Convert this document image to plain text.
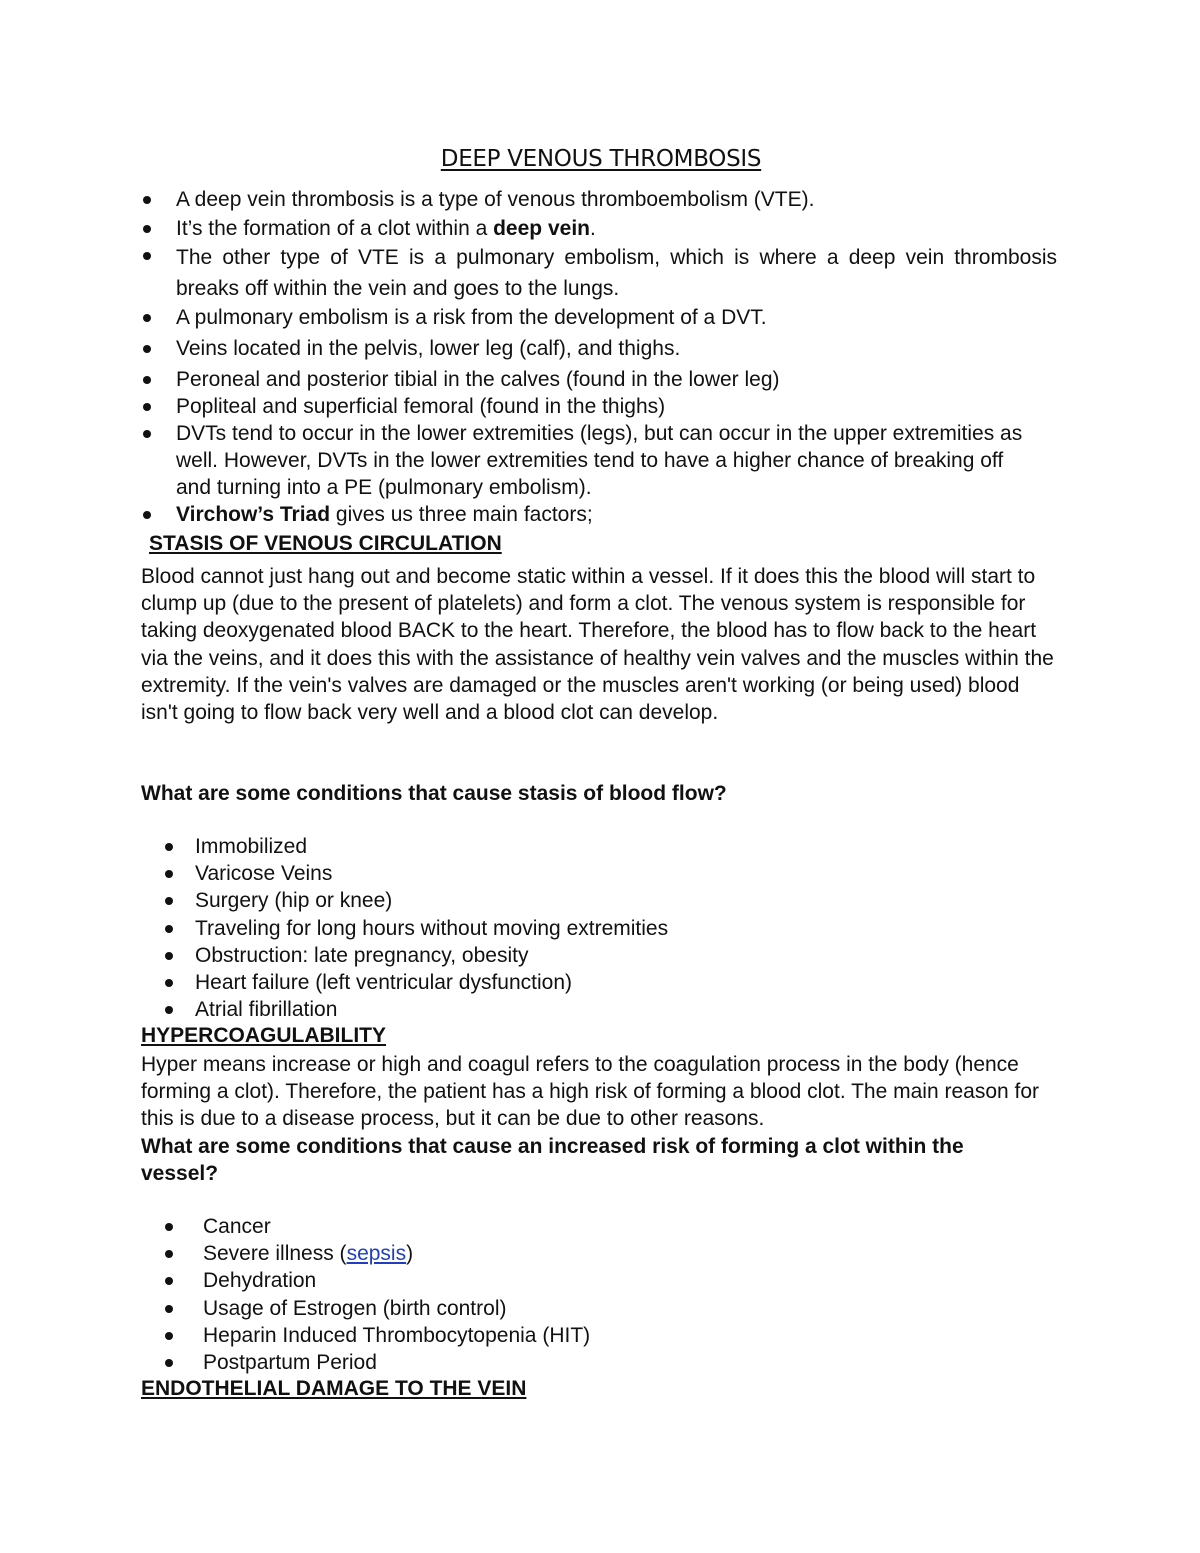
DEEP VENOUS THROMBOSIS
A deep vein thrombosis is a type of venous thromboembolism (VTE).
It’s the formation of a clot within a deep vein.
The other type of VTE is a pulmonary embolism, which is where a deep vein thrombosis breaks off within the vein and goes to the lungs.
A pulmonary embolism is a risk from the development of a DVT.
Veins located in the pelvis, lower leg (calf), and thighs.
Peroneal and posterior tibial in the calves (found in the lower leg)
Popliteal and superficial femoral (found in the thighs)
DVTs tend to occur in the lower extremities (legs), but can occur in the upper extremities as well. However, DVTs in the lower extremities tend to have a higher chance of breaking off and turning into a PE (pulmonary embolism).
Virchow’s Triad gives us three main factors;
STASIS OF VENOUS CIRCULATION

Blood cannot just hang out and become static within a vessel. If it does this the blood will start to clump up (due to the present of platelets) and form a clot. The venous system is responsible for taking deoxygenated blood BACK to the heart. Therefore, the blood has to flow back to the heart via the veins, and it does this with the assistance of healthy vein valves and the muscles within the extremity. If the vein's valves are damaged or the muscles aren't working (or being used) blood isn't going to flow back very well and a blood clot can develop.

What are some conditions that cause stasis of blood flow?

Immobilized
Varicose Veins
Surgery (hip or knee)
Traveling for long hours without moving extremities
Obstruction: late pregnancy, obesity
Heart failure (left ventricular dysfunction)
Atrial fibrillation
HYPERCOAGULABILITY

Hyper means increase or high and coagul refers to the coagulation process in the body (hence forming a clot). Therefore, the patient has a high risk of forming a blood clot. The main reason for this is due to a disease process, but it can be due to other reasons.

What are some conditions that cause an increased risk of forming a clot within the vessel?

Cancer
Severe illness (sepsis)
Dehydration
Usage of Estrogen (birth control)
Heparin Induced Thrombocytopenia (HIT)
Postpartum Period
ENDOTHELIAL DAMAGE TO THE VEIN
